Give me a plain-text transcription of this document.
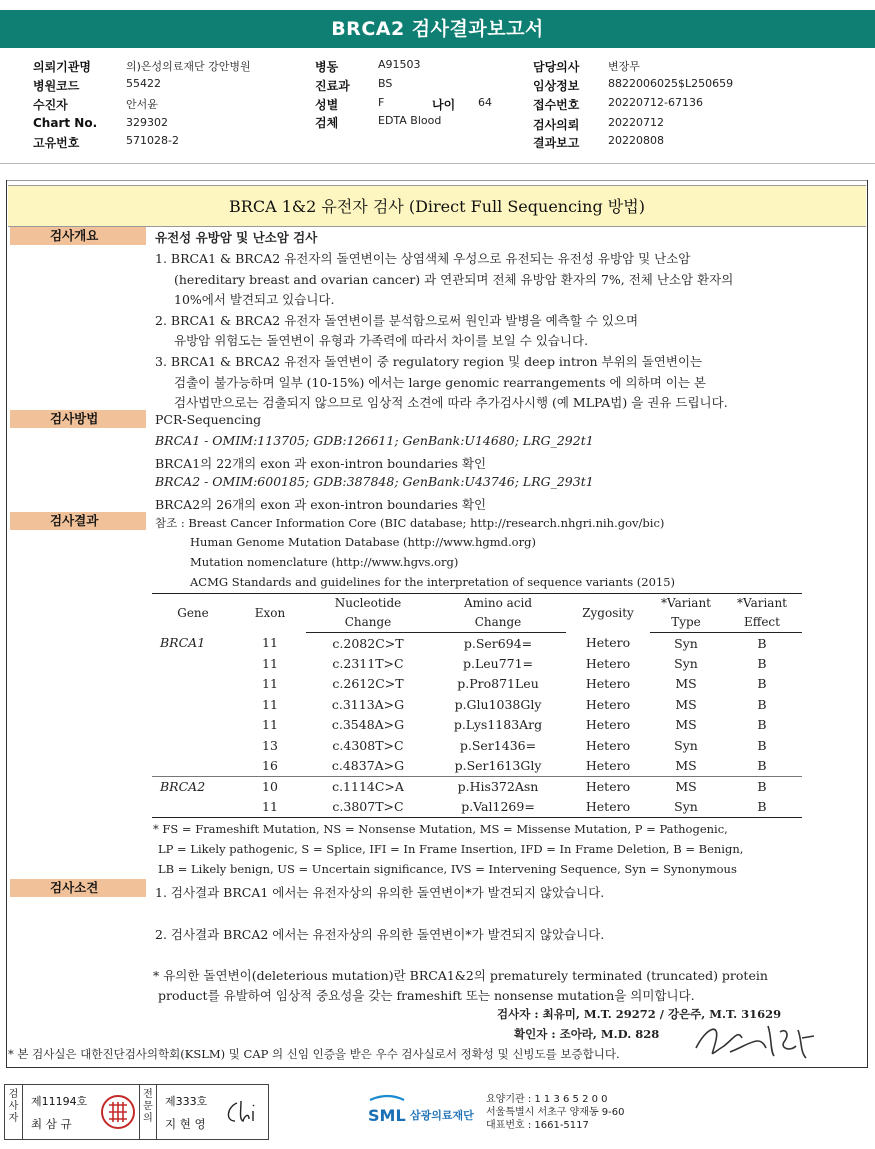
BRCA2 검사결과보고서
의뢰기관명	의)은성의료재단 강안병원
병원코드	55422
수진자	안서윤
Chart No.	329302
고유번호	571028-2
병동	A91503
진료과	BS
성별	F	나이 64
검체	EDTA Blood
담당의사	변장무
임상정보	8822006025$L250659
접수번호	20220712-67136
검사의뢰	20220712
결과보고	20220808
BRCA 1&2 유전자 검사 (Direct Full Sequencing 방법)
검사개요	유전성 유방암 및 난소암 검사
1. BRCA1 & BRCA2 유전자의 돌연변이는 상염색체 우성으로 유전되는 유전성 유방암 및 난소암
(hereditary breast and ovarian cancer) 과 연관되며 전체 유방암 환자의 7%, 전체 난소암 환자의
10%에서 발견되고 있습니다.
2. BRCA1 & BRCA2 유전자 돌연변이를 분석함으로써 원인과 발병을 예측할 수 있으며
유방암 위험도는 돌연변이 유형과 가족력에 따라서 차이를 보일 수 있습니다.
3. BRCA1 & BRCA2 유전자 돌연변이 중 regulatory region 및 deep intron 부위의 돌연변이는
검출이 불가능하며 일부 (10-15%) 에서는 large genomic rearrangements 에 의하며 이는 본
검사법만으로는 검출되지 않으므로 임상적 소견에 따라 추가검사시행 (예 MLPA법) 을 권유 드립니다.
검사방법	PCR-Sequencing
BRCA1 - OMIM:113705; GDB:126611; GenBank:U14680; LRG_292t1
BRCA1의 22개의 exon 과 exon-intron boundaries 확인
BRCA2 - OMIM:600185; GDB:387848; GenBank:U43746; LRG_293t1
BRCA2의 26개의 exon 과 exon-intron boundaries 확인
검사결과	참조 : Breast Cancer Information Core (BIC database; http://research.nhgri.nih.gov/bic)
Human Genome Mutation Database (http://www.hgmd.org)
Mutation nomenclature (http://www.hgvs.org)
ACMG Standards and guidelines for the interpretation of sequence variants (2015)
Gene	Exon	Nucleotide	Amino acid	Zygosity	*Variant	*Variant
		Change	Change		Type	Effect
BRCA1	11	c.2082C>T	p.Ser694=	Hetero	Syn	B
	11	c.2311T>C	p.Leu771=	Hetero	Syn	B
	11	c.2612C>T	p.Pro871Leu	Hetero	MS	B
	11	c.3113A>G	p.Glu1038Gly	Hetero	MS	B
	11	c.3548A>G	p.Lys1183Arg	Hetero	MS	B
	13	c.4308T>C	p.Ser1436=	Hetero	Syn	B
	16	c.4837A>G	p.Ser1613Gly	Hetero	MS	B
BRCA2	10	c.1114C>A	p.His372Asn	Hetero	MS	B
	11	c.3807T>C	p.Val1269=	Hetero	Syn	B
* FS = Frameshift Mutation, NS = Nonsense Mutation, MS = Missense Mutation, P = Pathogenic,
LP = Likely pathogenic, S = Splice, IFI = In Frame Insertion, IFD = In Frame Deletion, B = Benign,
LB = Likely benign, US = Uncertain significance, IVS = Intervening Sequence, Syn = Synonymous
검사소견	1. 검사결과 BRCA1 에서는 유전자상의 유의한 돌연변이*가 발견되지 않았습니다.
2. 검사결과 BRCA2 에서는 유전자상의 유의한 돌연변이*가 발견되지 않았습니다.
* 유의한 돌연변이(deleterious mutation)란 BRCA1&2의 prematurely terminated (truncated) protein
product를 유발하여 임상적 중요성을 갖는 frameshift 또는 nonsense mutation을 의미합니다.
검사자 : 최유미, M.T. 29272 / 강은주, M.T. 31629
확인자 : 조아라, M.D. 828
* 본 검사실은 대한진단검사의학회(KSLM) 및 CAP 의 신임 인증을 받은 우수 검사실로서 정확성 및 신빙도를 보증합니다.
검사자
제11194호
최 삼 규
전문의
제333호
지 현 영	SML 삼광의료재단
요양기관 : 1 1 3 6 5 2 0 0
서울특별시 서초구 양재동 9-60
대표번호 : 1661-5117
